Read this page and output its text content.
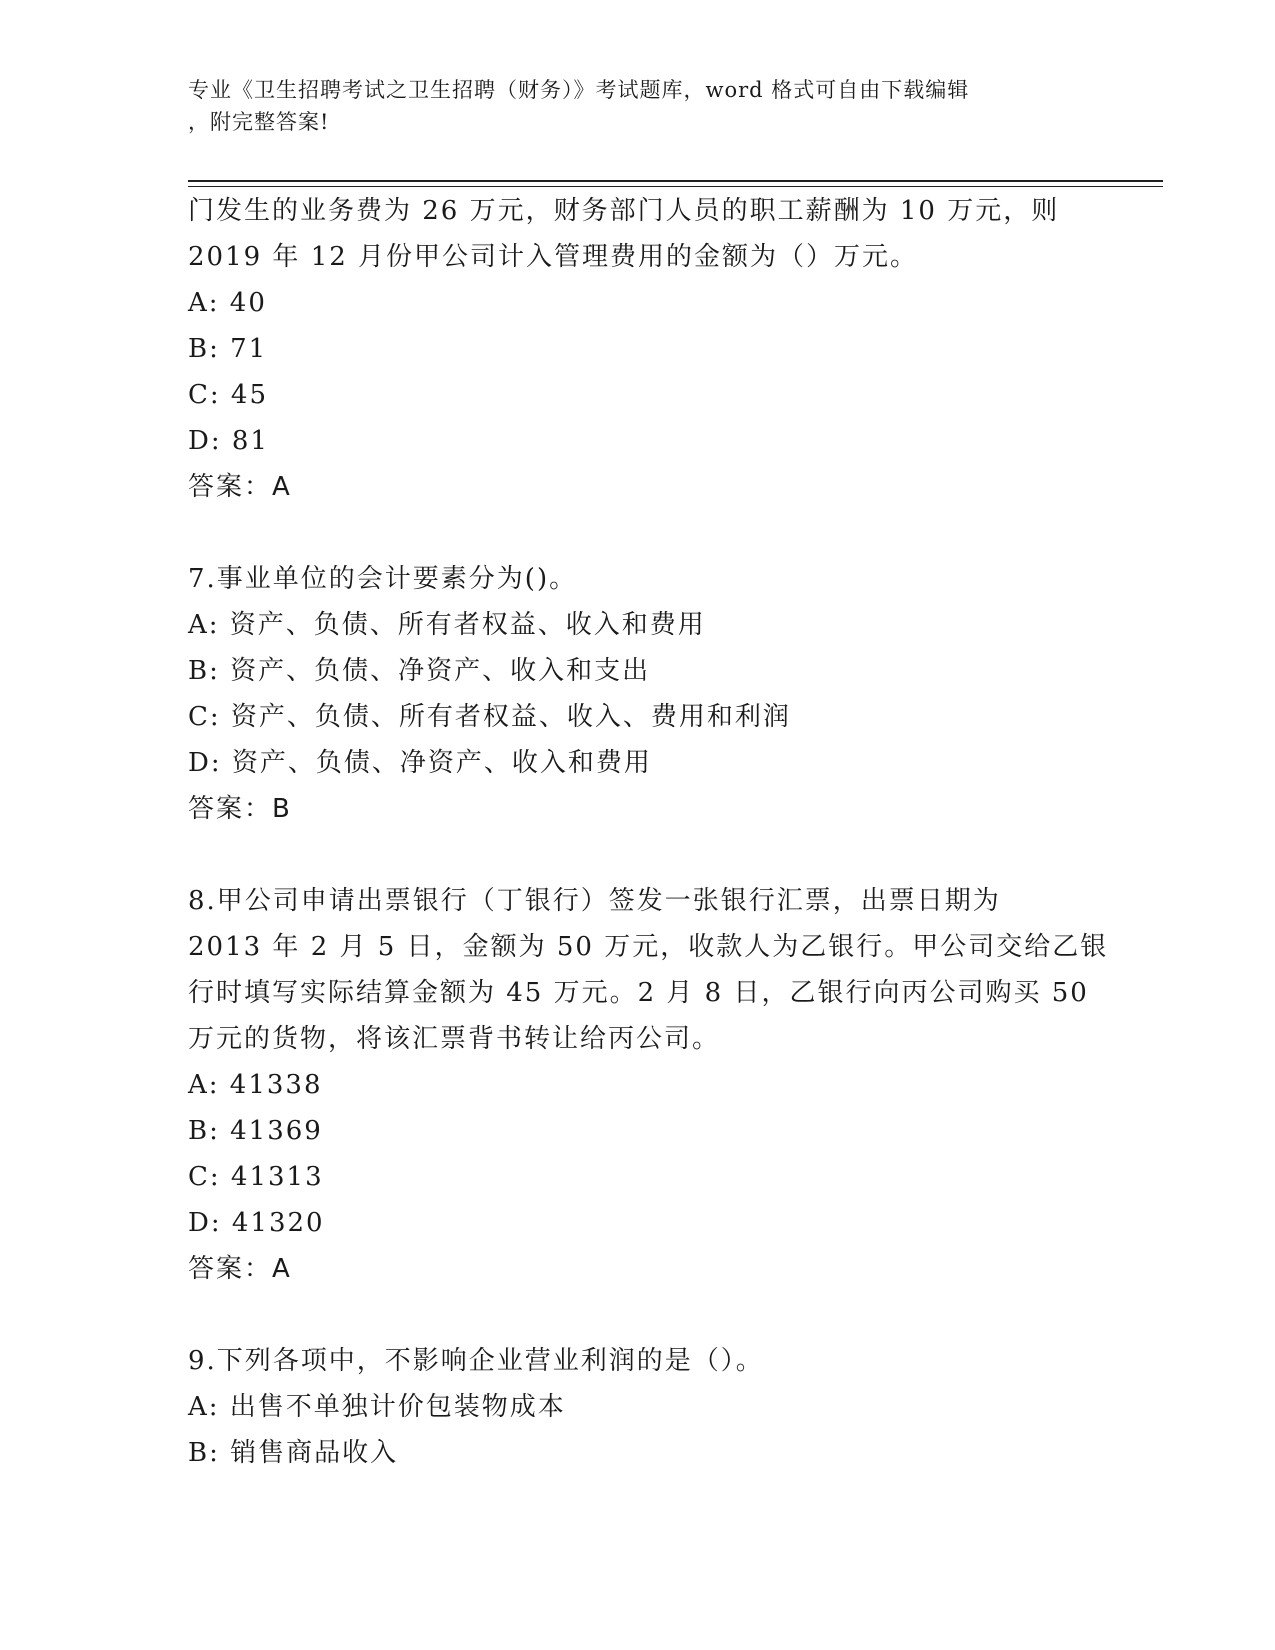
专业《卫生招聘考试之卫生招聘（财务）》考试题库，word 格式可自由下载编辑
，附完整答案!
门发生的业务费为 26 万元，财务部门人员的职工薪酬为 10 万元，则
2019 年 12 月份甲公司计入管理费用的金额为（）万元。
A: 40
B: 71
C: 45
D: 81
答案：A
7.事业单位的会计要素分为()。
A: 资产、负债、所有者权益、收入和费用
B: 资产、负债、净资产、收入和支出
C: 资产、负债、所有者权益、收入、费用和利润
D: 资产、负债、净资产、收入和费用
答案：B
8.甲公司申请出票银行（丁银行）签发一张银行汇票，出票日期为
2013 年 2 月 5 日，金额为 50 万元，收款人为乙银行。甲公司交给乙银
行时填写实际结算金额为 45 万元。2 月 8 日，乙银行向丙公司购买 50
万元的货物，将该汇票背书转让给丙公司。
A: 41338
B: 41369
C: 41313
D: 41320
答案：A
9.下列各项中，不影响企业营业利润的是（）。
A: 出售不单独计价包装物成本
B: 销售商品收入
